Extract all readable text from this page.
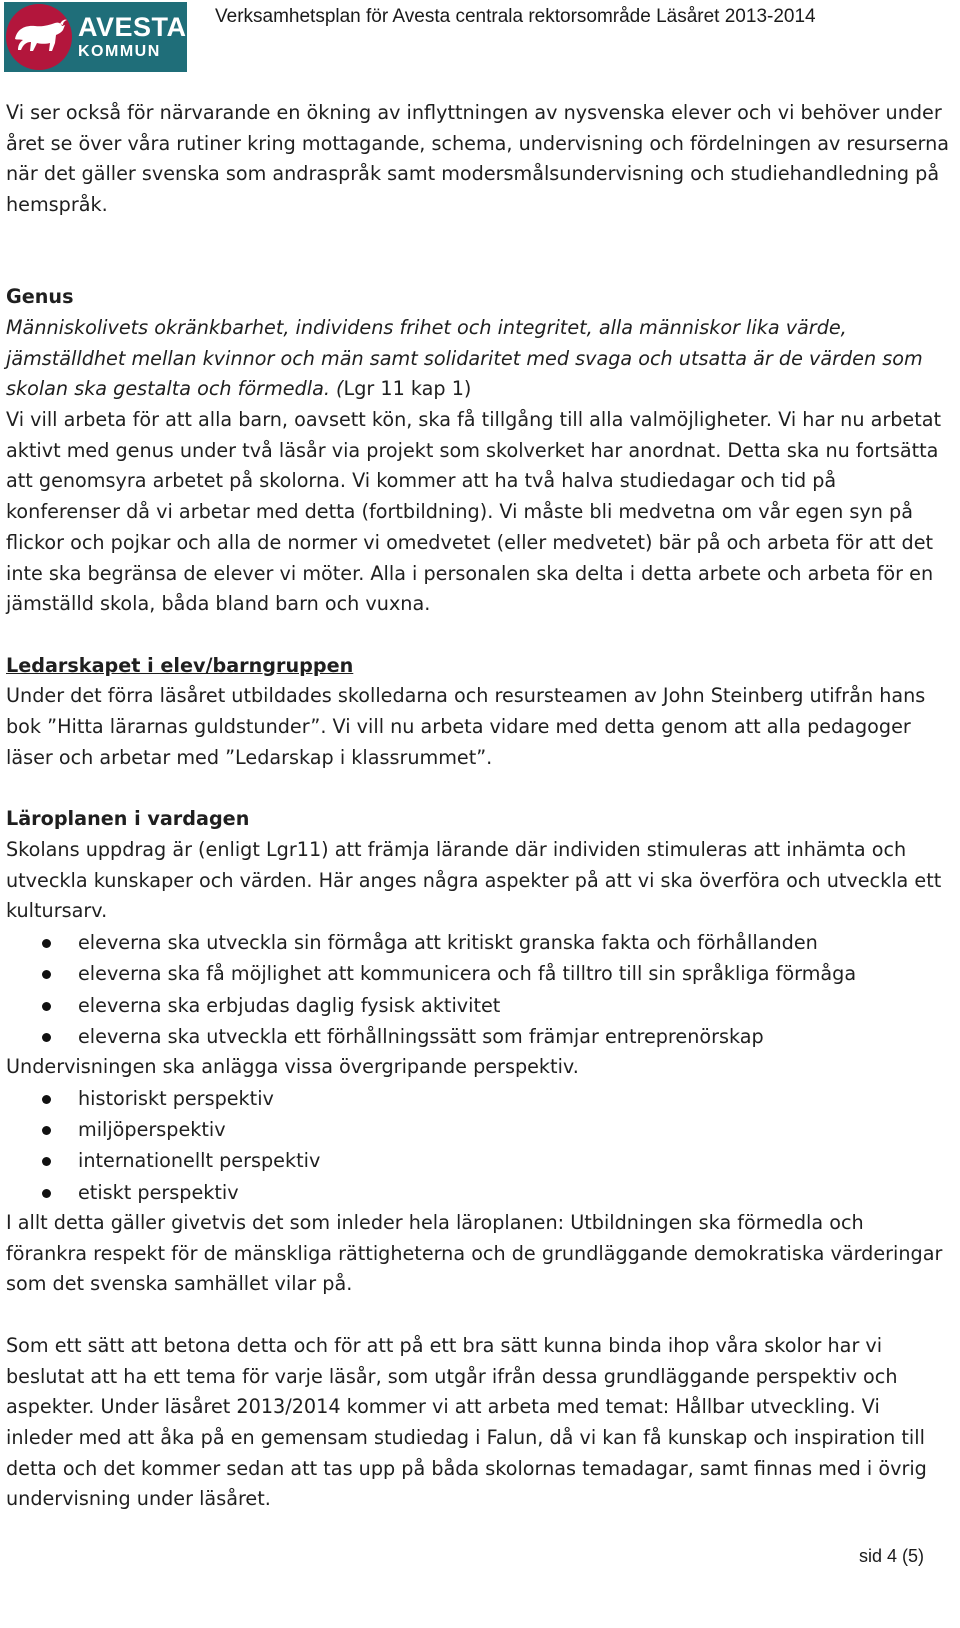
AVESTA
KOMMUN
Verksamhetsplan för Avesta centrala rektorsområde Läsåret 2013-2014

Vi ser också för närvarande en ökning av inflyttningen av nysvenska elever och vi behöver under året se över våra rutiner kring mottagande, schema, undervisning och fördelningen av resurserna när det gäller svenska som andraspråk samt modersmålsundervisning och studiehandledning på hemspråk.

Genus

Människolivets okränkbarhet, individens frihet och integritet, alla människor lika värde, jämställdhet mellan kvinnor och män samt solidaritet med svaga och utsatta är de värden som skolan ska gestalta och förmedla. (Lgr 11 kap 1)

Vi vill arbeta för att alla barn, oavsett kön, ska få tillgång till alla valmöjligheter. Vi har nu arbetat aktivt med genus under två läsår via projekt som skolverket har anordnat. Detta ska nu fortsätta att genomsyra arbetet på skolorna. Vi kommer att ha två halva studiedagar och tid på konferenser då vi arbetar med detta (fortbildning). Vi måste bli medvetna om vår egen syn på flickor och pojkar och alla de normer vi omedvetet (eller medvetet) bär på och arbeta för att det inte ska begränsa de elever vi möter. Alla i personalen ska delta i detta arbete och arbeta för en jämställd skola, båda bland barn och vuxna.

Ledarskapet i elev/barngruppen

Under det förra läsåret utbildades skolledarna och resursteamen av John Steinberg utifrån hans bok ”Hitta lärarnas guldstunder”. Vi vill nu arbeta vidare med detta genom att alla pedagoger läser och arbetar med ”Ledarskap i klassrummet”.

Läroplanen i vardagen

Skolans uppdrag är (enligt Lgr11) att främja lärande där individen stimuleras att inhämta och utveckla kunskaper och värden. Här anges några aspekter på att vi ska överföra och utveckla ett kultursarv.

eleverna ska utveckla sin förmåga att kritiskt granska fakta och förhållanden
eleverna ska få möjlighet att kommunicera och få tilltro till sin språkliga förmåga
eleverna ska erbjudas daglig fysisk aktivitet
eleverna ska utveckla ett förhållningssätt som främjar entreprenörskap

Undervisningen ska anlägga vissa övergripande perspektiv.

historiskt perspektiv
miljöperspektiv
internationellt perspektiv
etiskt perspektiv

I allt detta gäller givetvis det som inleder hela läroplanen: Utbildningen ska förmedla och förankra respekt för de mänskliga rättigheterna och de grundläggande demokratiska värderingar som det svenska samhället vilar på.

Som ett sätt att betona detta och för att på ett bra sätt kunna binda ihop våra skolor har vi beslutat att ha ett tema för varje läsår, som utgår ifrån dessa grundläggande perspektiv och aspekter. Under läsåret 2013/2014 kommer vi att arbeta med temat: Hållbar utveckling. Vi inleder med att åka på en gemensam studiedag i Falun, då vi kan få kunskap och inspiration till detta och det kommer sedan att tas upp på båda skolornas temadagar, samt finnas med i övrig undervisning under läsåret.

sid 4 (5)
